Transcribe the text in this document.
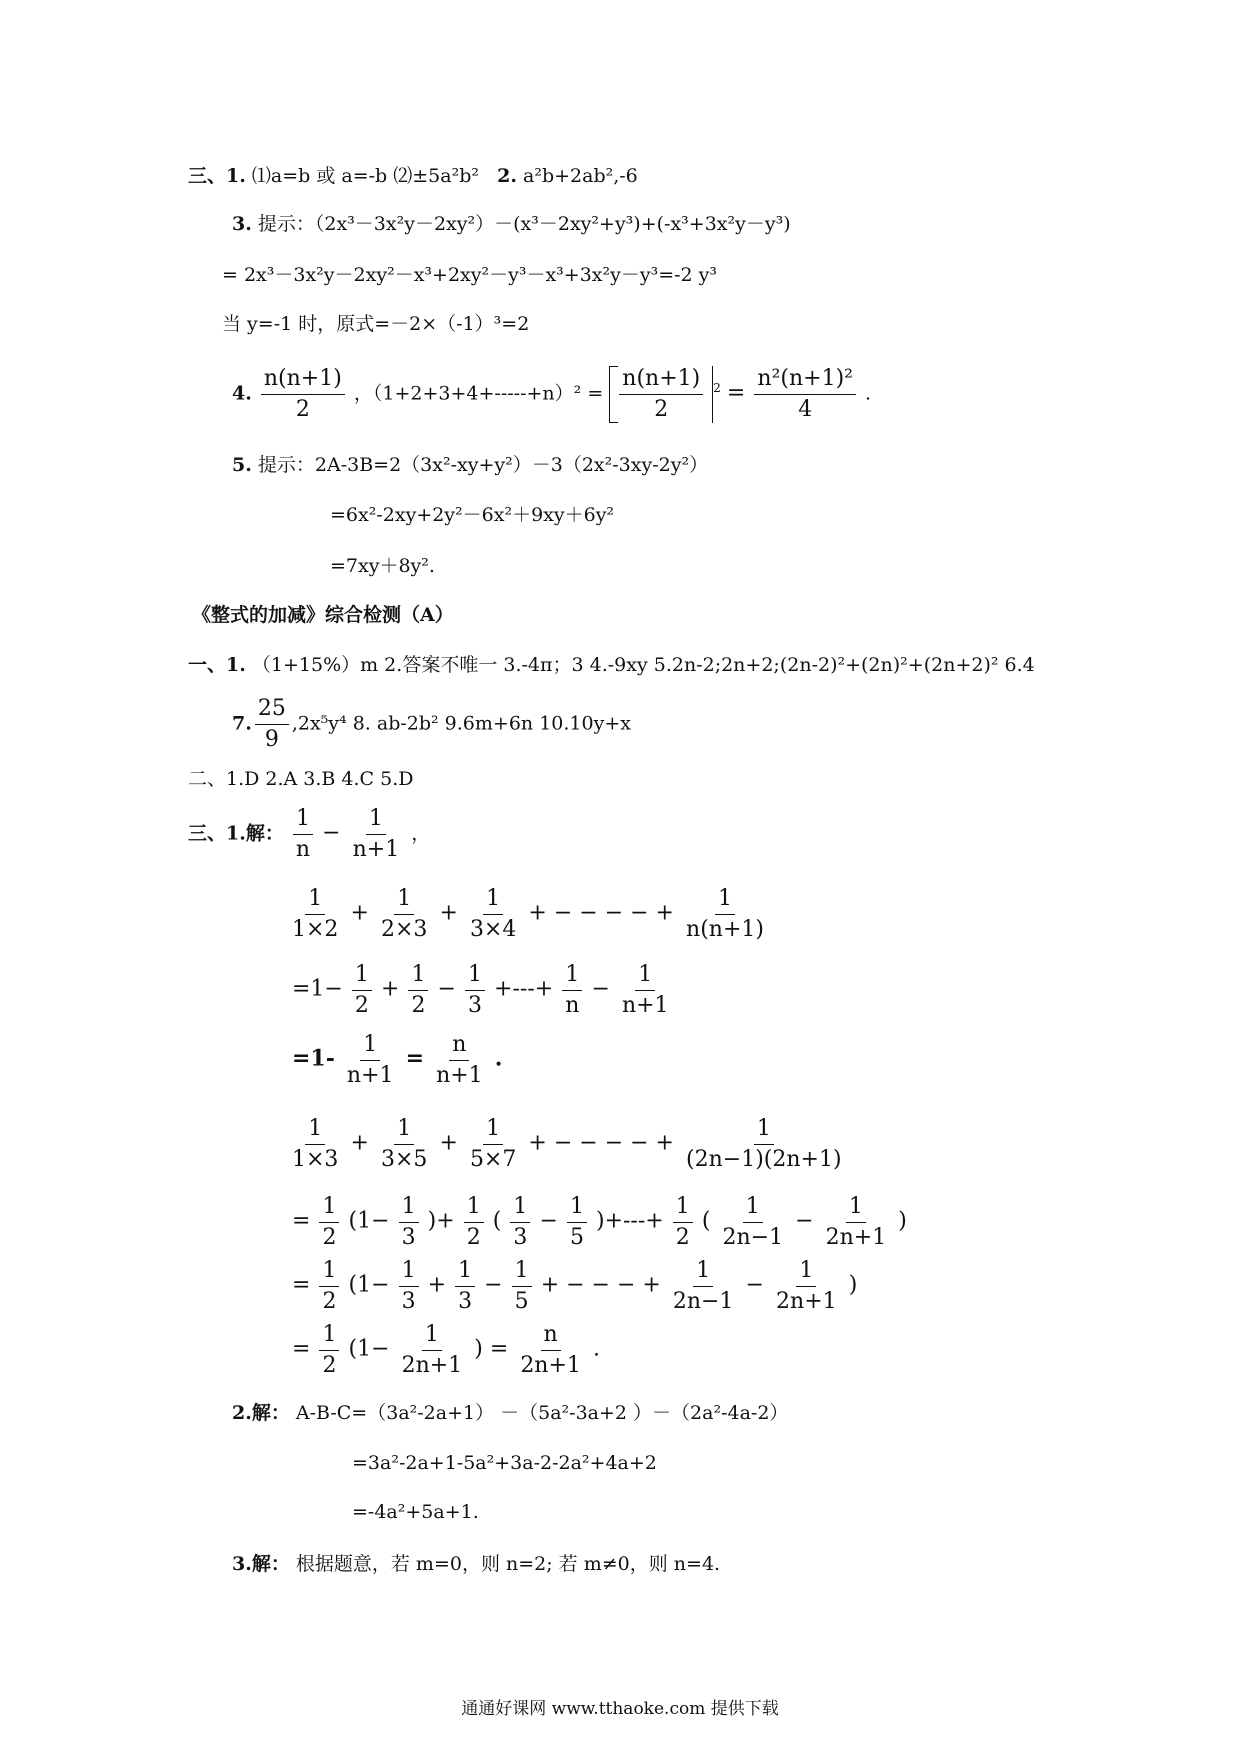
三、1. ⑴a=b 或 a=-b ⑵±5a²b² 2. a²b+2ab²,-6
3. 提示：（2x³－3x²y－2xy²）－(x³－2xy²+y³)+(-x³+3x²y－y³)
= 2x³－3x²y－2xy²－x³+2xy²－y³－x³+3x²y－y³=-2 y³
当 y=-1 时，原式=－2×（-1）³=2
4. $\frac{n(n+1)}{2}$ ，$(1+2+3+4+-----+n)^2 = \frac{n(n+1)}{2} ^2 = \frac{\text{n²(n+1)²}}{4}$ .
5. 提示：2A-3B=2（3x²-xy+y²）－3（2x²-3xy-2y²）
=6x²-2xy+2y²－6x²＋9xy＋6y²
=7xy＋8y².
《整式的加减》综合检测（A）
一、1. （1+15%）m 2.答案不唯一 3.-4π；3 4.-9xy 5.2n-2;2n+2;(2n-2)²+(2n)²+(2n+2)² 6.4
7. $\frac{25}{9} ,2x^5y^4$ 8. ab-2b² 9.6m+6n 10.10y+x
二、1.D 2.A 3.B 4.C 5.D
三、1.解： $\frac{1}{n} - \frac{1}{n+1}$ ，
$\frac{1}{1\times 2} + \frac{1}{2\times 3} + \frac{1}{3\times 4}$ + − − − − + $\frac{1}{n(n+1)}$
$=1- \frac{1}{2} + \frac{1}{2} - \frac{1}{3}$ +---+ $\frac{1}{n} - \frac{1}{n+1}$
$=1- \frac{1}{n+1} = \frac{n}{n+1}$ .
$\frac{1}{1\times 3} + \frac{1}{3\times 5} + \frac{1}{5\times 7}$ + − − − − + $\frac{1}{(2n-1)(2n+1)}$
= $\frac{1}{2} (1- \frac{1}{3}$ )+ $\frac{1}{2}$ ( $\frac{1}{3} - \frac{1}{5}$ )+---+ $\frac{1}{2}$ ( $\frac{1}{2n-1} - \frac{1}{2n+1}$ )
= $\frac{1}{2} (1- \frac{1}{3} + \frac{1}{3} - \frac{1}{5}$ + − − − + $\frac{1}{2n-1} - \frac{1}{2n+1}$ )
= $\frac{1}{2} (1- \frac{1}{2n+1}$ ) = $\frac{n}{2n+1}$ .
2.解： A-B-C=（3a²-2a+1） －（5a²-3a+2 ）－（2a²-4a-2）
=3a²-2a+1-5a²+3a-2-2a²+4a+2
=-4a²+5a+1.
3.解： 根据题意，若 m=0，则 n=2; 若 m≠0，则 n=4.
通通好课网 www.tthaoke.com 提供下载
